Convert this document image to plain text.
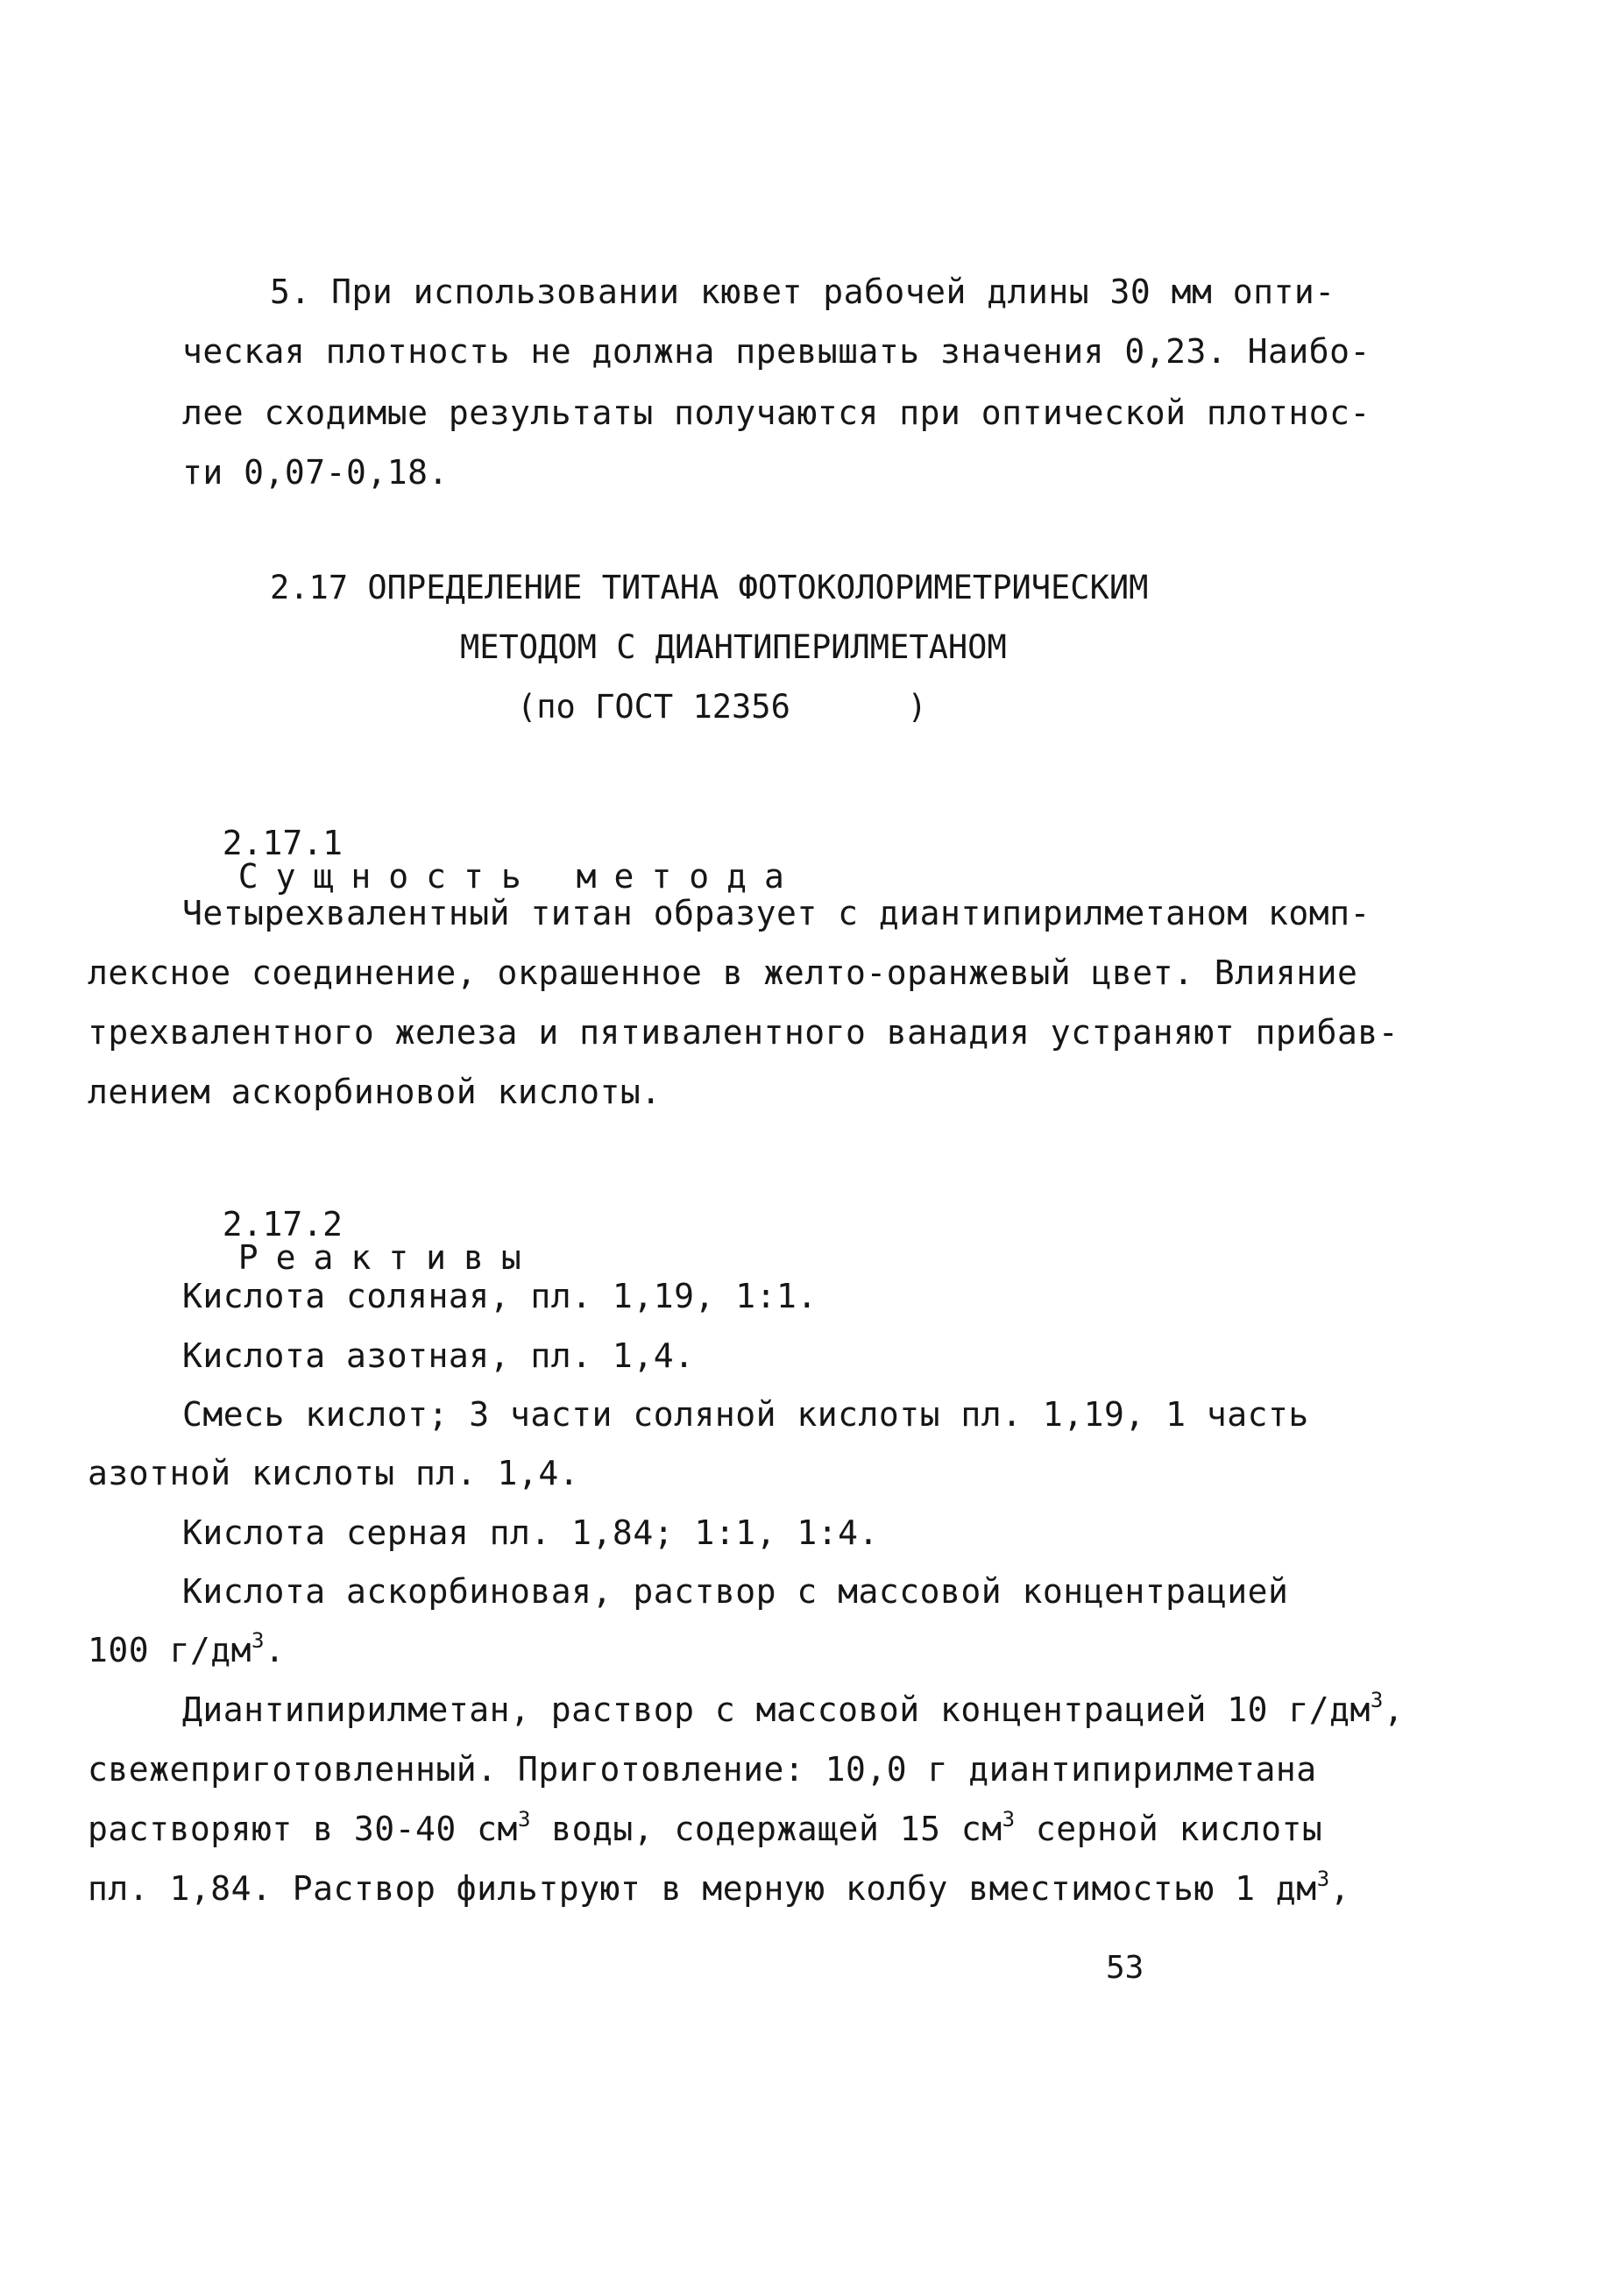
5. При использовании кювет рабочей длины 30 мм опти-
ческая плотность не должна превышать значения 0,23. Наибо-
лее сходимые результаты получаются при оптической плотнос-
ти 0,07-0,18.
2.17 ОПРЕДЕЛЕНИЕ ТИТАНА ФОТОКОЛОРИМЕТРИЧЕСКИМ
МЕТОДОМ С ДИАНТИПЕРИЛМЕТАНОМ
(по ГОСТ 12356      )

2.17.1
Сущность метода

Четырехвалентный титан образует с диантипирилметаном комп-
лексное соединение, окрашенное в желто-оранжевый цвет. Влияние
трехвалентного железа и пятивалентного ванадия устраняют прибав-
лением аскорбиновой кислоты.

2.17.2
Реактивы

Кислота соляная, пл. 1,19, 1:1.
Кислота азотная, пл. 1,4.
Смесь кислот; 3 части соляной кислоты пл. 1,19, 1 часть
азотной кислоты пл. 1,4.
Кислота серная пл. 1,84; 1:1, 1:4.
Кислота аскорбиновая, раствор с массовой концентрацией
100 $г/дм^3$.
Диантипирилметан, раствор с массовой концентрацией 10 $г/дм^3$,
свежеприготовленный. Приготовление: 10,0 г диантипирилметана
растворяют в 30-40 $см^3$ воды, содержащей 15 $см^3$ серной кислоты
пл. 1,84. Раствор фильтруют в мерную колбу вместимостью 1 $дм^3$,
53
